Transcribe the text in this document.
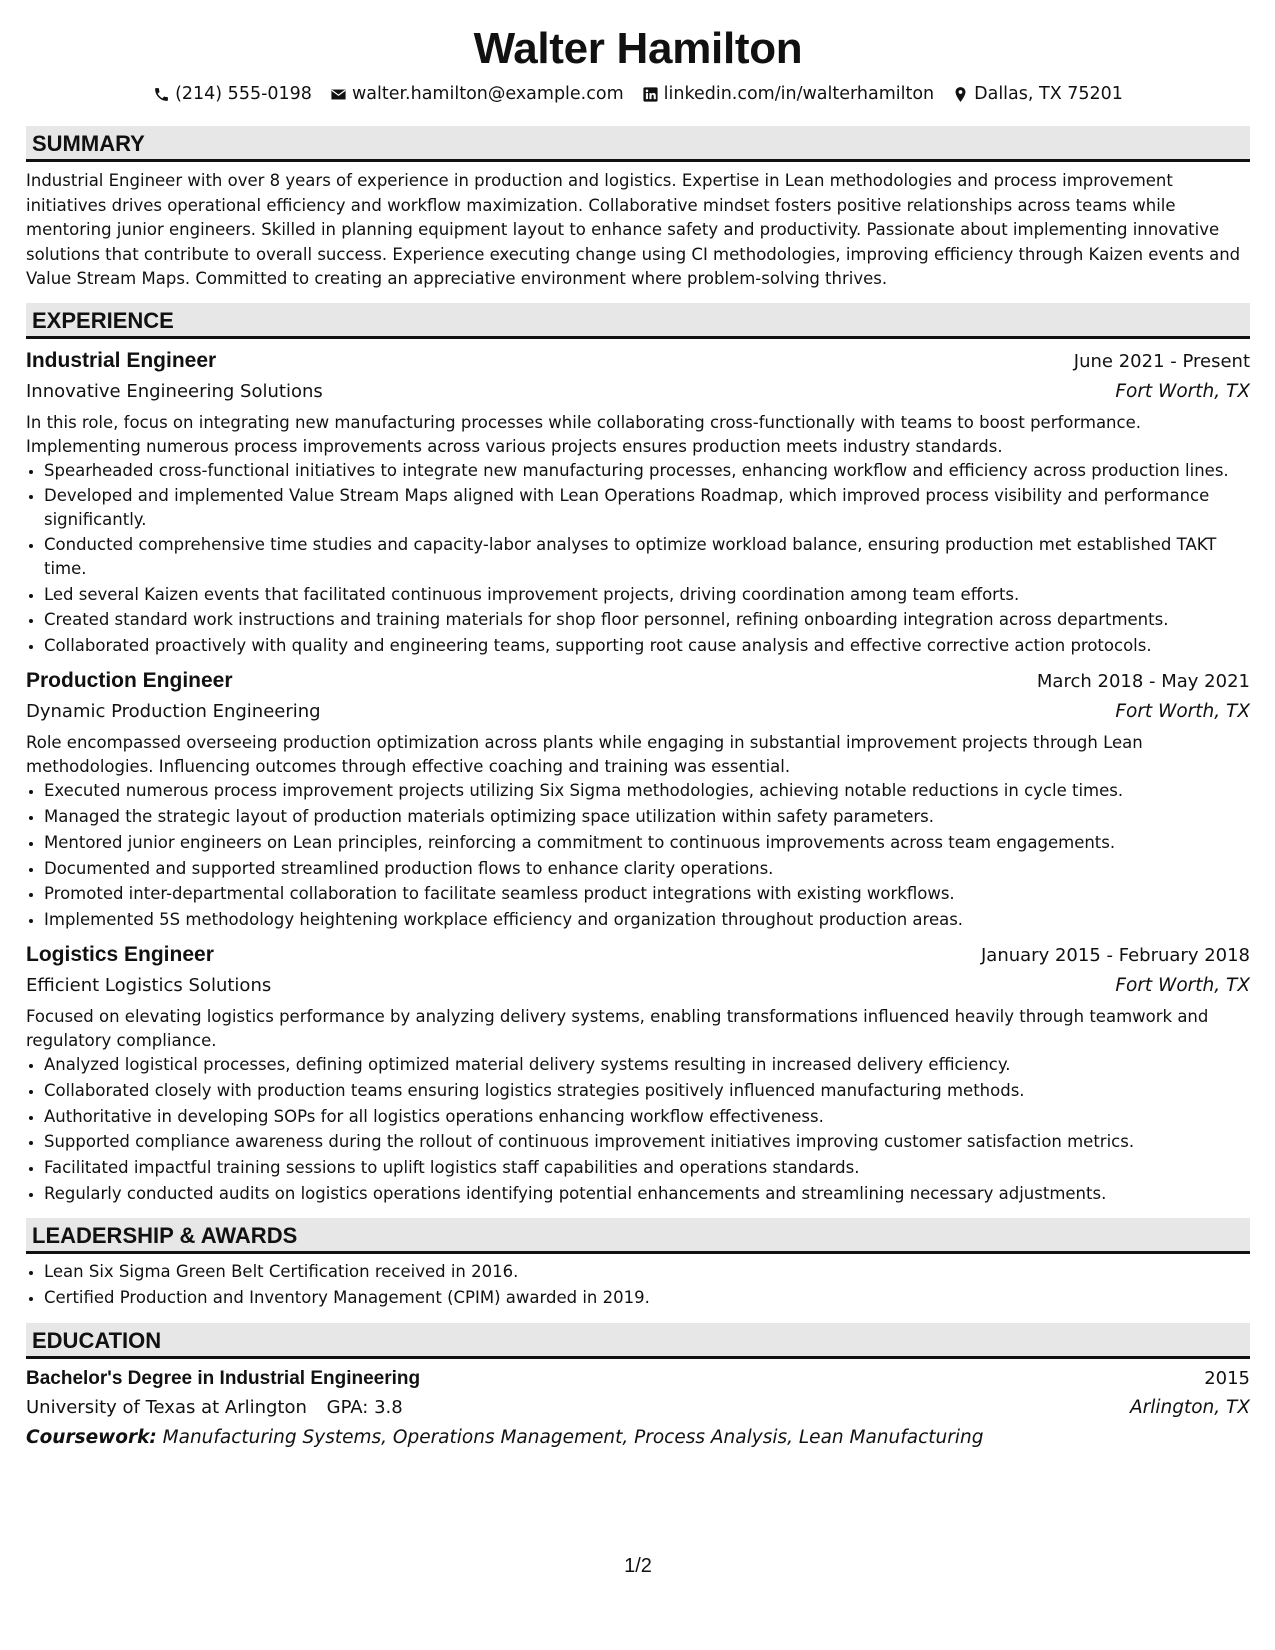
Walter Hamilton
(214) 555-0198 walter.hamilton@example.com linkedin.com/in/walterhamilton Dallas, TX 75201
SUMMARY
Industrial Engineer with over 8 years of experience in production and logistics. Expertise in Lean methodologies and process improvement initiatives drives operational efficiency and workflow maximization. Collaborative mindset fosters positive relationships across teams while mentoring junior engineers. Skilled in planning equipment layout to enhance safety and productivity. Passionate about implementing innovative solutions that contribute to overall success. Experience executing change using CI methodologies, improving efficiency through Kaizen events and Value Stream Maps. Committed to creating an appreciative environment where problem-solving thrives.
EXPERIENCE
Industrial Engineer	June 2021 - Present
Innovative Engineering Solutions	Fort Worth, TX
In this role, focus on integrating new manufacturing processes while collaborating cross-functionally with teams to boost performance. Implementing numerous process improvements across various projects ensures production meets industry standards.
• Spearheaded cross-functional initiatives to integrate new manufacturing processes, enhancing workflow and efficiency across production lines.
• Developed and implemented Value Stream Maps aligned with Lean Operations Roadmap, which improved process visibility and performance significantly.
• Conducted comprehensive time studies and capacity-labor analyses to optimize workload balance, ensuring production met established TAKT time.
• Led several Kaizen events that facilitated continuous improvement projects, driving coordination among team efforts.
• Created standard work instructions and training materials for shop floor personnel, refining onboarding integration across departments.
• Collaborated proactively with quality and engineering teams, supporting root cause analysis and effective corrective action protocols.
Production Engineer	March 2018 - May 2021
Dynamic Production Engineering	Fort Worth, TX
Role encompassed overseeing production optimization across plants while engaging in substantial improvement projects through Lean methodologies. Influencing outcomes through effective coaching and training was essential.
• Executed numerous process improvement projects utilizing Six Sigma methodologies, achieving notable reductions in cycle times.
• Managed the strategic layout of production materials optimizing space utilization within safety parameters.
• Mentored junior engineers on Lean principles, reinforcing a commitment to continuous improvements across team engagements.
• Documented and supported streamlined production flows to enhance clarity operations.
• Promoted inter-departmental collaboration to facilitate seamless product integrations with existing workflows.
• Implemented 5S methodology heightening workplace efficiency and organization throughout production areas.
Logistics Engineer	January 2015 - February 2018
Efficient Logistics Solutions	Fort Worth, TX
Focused on elevating logistics performance by analyzing delivery systems, enabling transformations influenced heavily through teamwork and regulatory compliance.
• Analyzed logistical processes, defining optimized material delivery systems resulting in increased delivery efficiency.
• Collaborated closely with production teams ensuring logistics strategies positively influenced manufacturing methods.
• Authoritative in developing SOPs for all logistics operations enhancing workflow effectiveness.
• Supported compliance awareness during the rollout of continuous improvement initiatives improving customer satisfaction metrics.
• Facilitated impactful training sessions to uplift logistics staff capabilities and operations standards.
• Regularly conducted audits on logistics operations identifying potential enhancements and streamlining necessary adjustments.
LEADERSHIP & AWARDS
• Lean Six Sigma Green Belt Certification received in 2016.
• Certified Production and Inventory Management (CPIM) awarded in 2019.
EDUCATION
Bachelor's Degree in Industrial Engineering	2015
University of Texas at Arlington GPA: 3.8	Arlington, TX
Coursework: Manufacturing Systems, Operations Management, Process Analysis, Lean Manufacturing
1/2
